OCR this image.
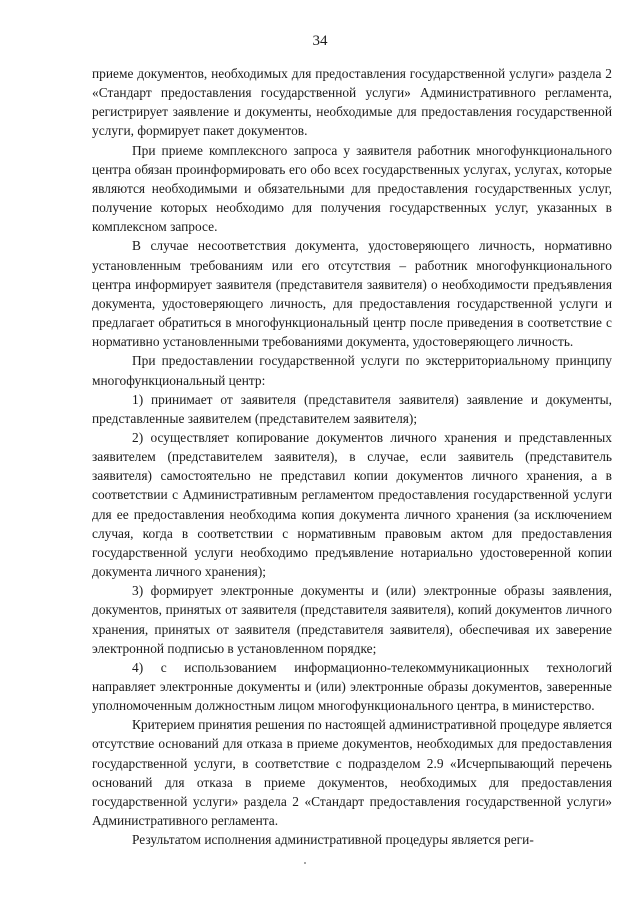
34

приеме документов, необходимых для предоставления государственной услуги» раздела 2 «Стандарт предоставления государственной услуги» Административного регламента, регистрирует заявление и документы, необходимые для предоставления государственной услуги, формирует пакет документов.

При приеме комплексного запроса у заявителя работник многофункционального центра обязан проинформировать его обо всех государственных услугах, услугах, которые являются необходимыми и обязательными для предоставления государственных услуг, получение которых необходимо для получения государственных услуг, указанных в комплексном запросе.

В случае несоответствия документа, удостоверяющего личность, нормативно установленным требованиям или его отсутствия – работник многофункционального центра информирует заявителя (представителя заявителя) о необходимости предъявления документа, удостоверяющего личность, для предоставления государственной услуги и предлагает обратиться в многофункциональный центр после приведения в соответствие с нормативно установленными требованиями документа, удостоверяющего личность.

При предоставлении государственной услуги по экстерриториальному принципу многофункциональный центр:

1) принимает от заявителя (представителя заявителя) заявление и документы, представленные заявителем (представителем заявителя);

2) осуществляет копирование документов личного хранения и представленных заявителем (представителем заявителя), в случае, если заявитель (представитель заявителя) самостоятельно не представил копии документов личного хранения, а в соответствии с Административным регламентом предоставления государственной услуги для ее предоставления необходима копия документа личного хранения (за исключением случая, когда в соответствии с нормативным правовым актом для предоставления государственной услуги необходимо предъявление нотариально удостоверенной копии документа личного хранения);

3) формирует электронные документы и (или) электронные образы заявления, документов, принятых от заявителя (представителя заявителя), копий документов личного хранения, принятых от заявителя (представителя заявителя), обеспечивая их заверение электронной подписью в установленном порядке;

4) с использованием информационно-телекоммуникационных технологий направляет электронные документы и (или) электронные образы документов, заверенные уполномоченным должностным лицом многофункционального центра, в министерство.

Критерием принятия решения по настоящей административной процедуре является отсутствие оснований для отказа в приеме документов, необходимых для предоставления государственной услуги, в соответствие с подразделом 2.9 «Исчерпывающий перечень оснований для отказа в приеме документов, необходимых для предоставления государственной услуги» раздела 2 «Стандарт предоставления государственной услуги» Административного регламента.

Результатом исполнения административной процедуры является реги-
